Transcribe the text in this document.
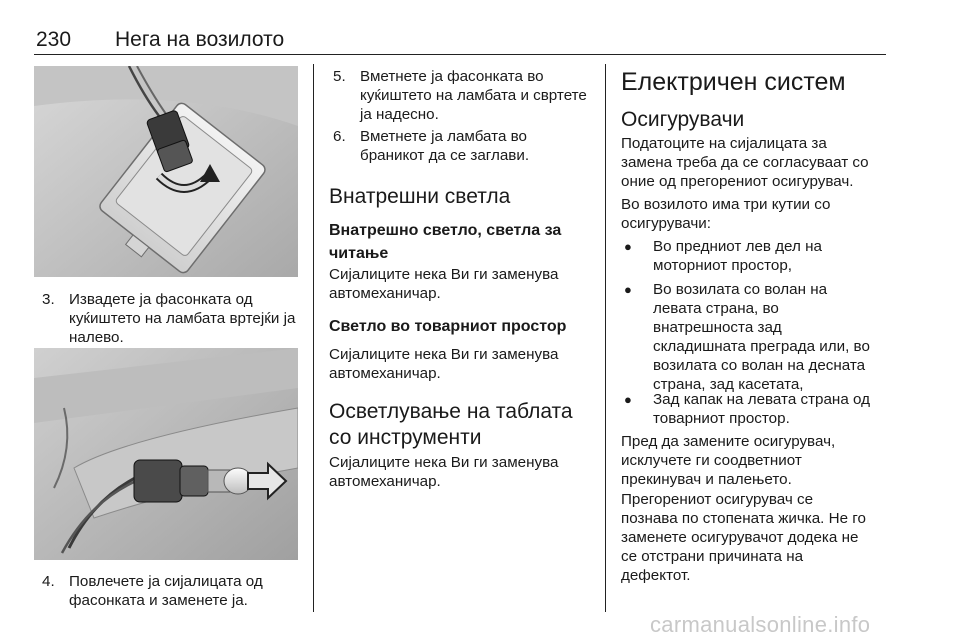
230 Нега на возилото
3. Извадете ја фасонката од
куќиштето на ламбата вртејќи ја
налево.
4. Повлечете ја сијалицата од
фасонката и заменете ја.
5. Вметнете ја фасонката во
куќиштето на ламбата и свртете
ја надесно.
6. Вметнете ја ламбата во
браникот да се заглави.
Внатрешни светла
Внатрешно светло, светла за
читање
Сијалиците нека Ви ги заменува
автомеханичар.
Светло во товарниот простор
Сијалиците нека Ви ги заменува
автомеханичар.
Осветлување на таблата
со инструменти
Сијалиците нека Ви ги заменува
автомеханичар.
Електричен систем
Осигурувачи
Податоците на сијалицата за
замена треба да се согласуваат со
оние од прегорениот осигурувач.
Во возилото има три кутии со
осигурувачи:
● Во предниот лев дел на
моторниот простор,
● Во возилата со волан на
левата страна, во
внатрешноста зад
складишната преграда или, во
возилата со волан на десната
страна, зад касетата,
● Зад капак на левата страна од
товарниот простор.
Пред да замените осигурувач,
исклучете ги соодветниот
прекинувач и палењето.
Прегорениот осигурувач се
познава по стопената жичка. Не го
заменете осигурувачот додека не
се отстрани причината на
дефектот.
carmanualsonline.info
